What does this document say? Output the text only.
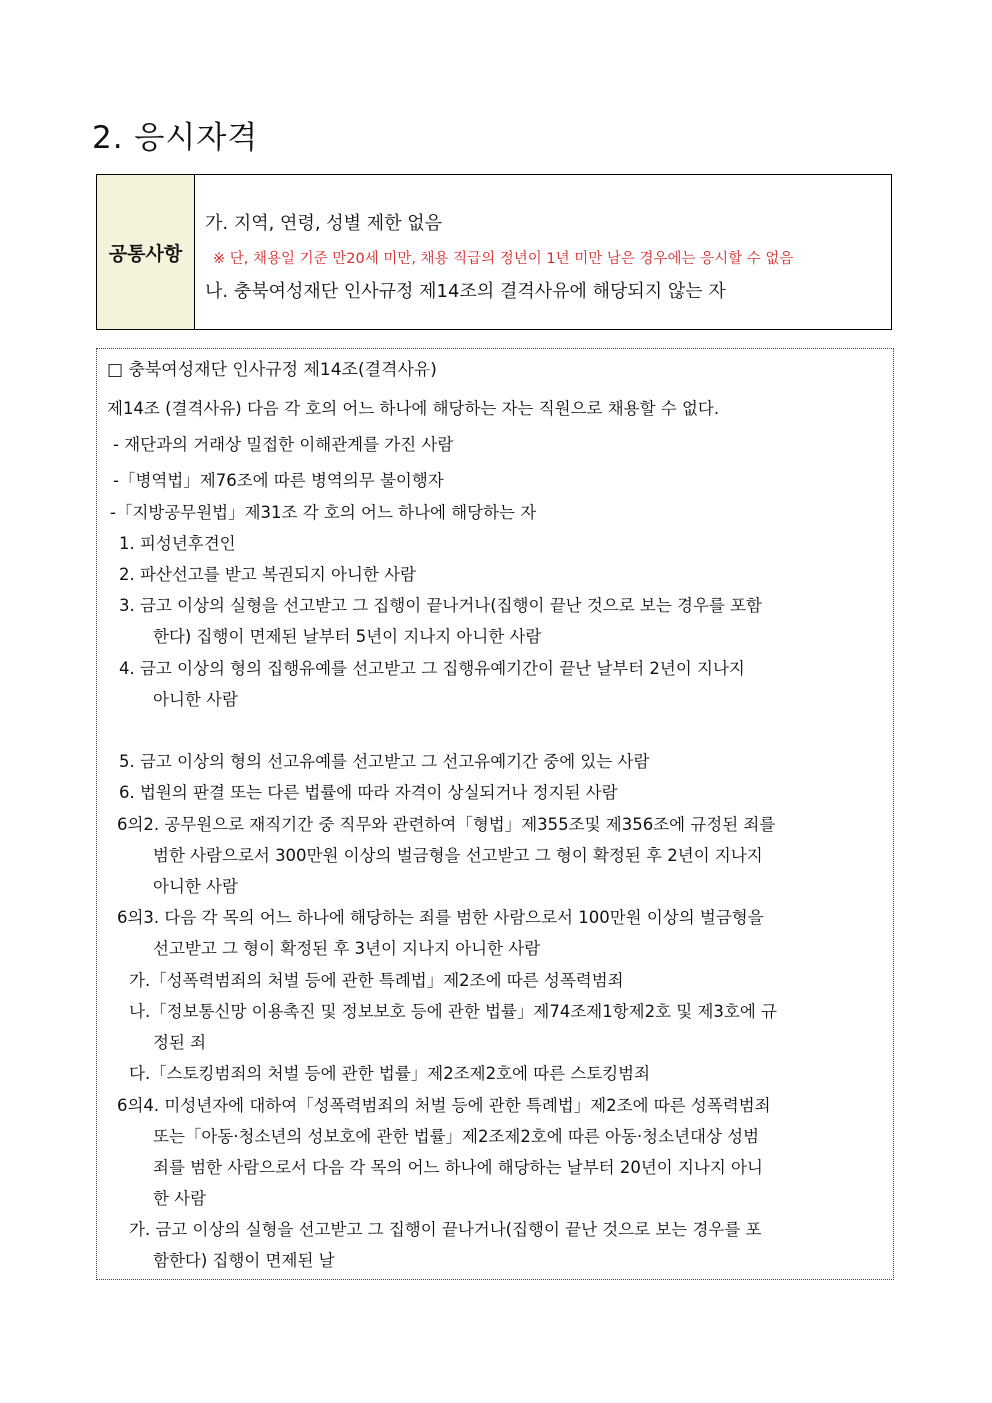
2. 응시자격
공통사항
가. 지역, 연령, 성별 제한 없음
※ 단, 채용일 기준 만20세 미만, 채용 직급의 정년이 1년 미만 남은 경우에는 응시할 수 없음
나. 충북여성재단 인사규정 제14조의 결격사유에 해당되지 않는 자
□ 충북여성재단 인사규정 제14조(결격사유)
제14조 (결격사유) 다음 각 호의 어느 하나에 해당하는 자는 직원으로 채용할 수 없다.
- 재단과의 거래상 밀접한 이해관계를 가진 사람
-「병역법」제76조에 따른 병역의무 불이행자
-「지방공무원법」제31조 각 호의 어느 하나에 해당하는 자
1. 피성년후견인
2. 파산선고를 받고 복권되지 아니한 사람
3. 금고 이상의 실형을 선고받고 그 집행이 끝나거나(집행이 끝난 것으로 보는 경우를 포함
한다) 집행이 면제된 날부터 5년이 지나지 아니한 사람
4. 금고 이상의 형의 집행유예를 선고받고 그 집행유예기간이 끝난 날부터 2년이 지나지
아니한 사람
5. 금고 이상의 형의 선고유예를 선고받고 그 선고유예기간 중에 있는 사람
6. 법원의 판결 또는 다른 법률에 따라 자격이 상실되거나 정지된 사람
6의2. 공무원으로 재직기간 중 직무와 관련하여「형법」제355조및 제356조에 규정된 죄를
범한 사람으로서 300만원 이상의 벌금형을 선고받고 그 형이 확정된 후 2년이 지나지
아니한 사람
6의3. 다음 각 목의 어느 하나에 해당하는 죄를 범한 사람으로서 100만원 이상의 벌금형을
선고받고 그 형이 확정된 후 3년이 지나지 아니한 사람
가.「성폭력범죄의 처벌 등에 관한 특례법」제2조에 따른 성폭력범죄
나.「정보통신망 이용촉진 및 정보보호 등에 관한 법률」제74조제1항제2호 및 제3호에 규
정된 죄
다.「스토킹범죄의 처벌 등에 관한 법률」제2조제2호에 따른 스토킹범죄
6의4. 미성년자에 대하여「성폭력범죄의 처벌 등에 관한 특례법」제2조에 따른 성폭력범죄
또는「아동·청소년의 성보호에 관한 법률」제2조제2호에 따른 아동·청소년대상 성범
죄를 범한 사람으로서 다음 각 목의 어느 하나에 해당하는 날부터 20년이 지나지 아니
한 사람
가. 금고 이상의 실형을 선고받고 그 집행이 끝나거나(집행이 끝난 것으로 보는 경우를 포
함한다) 집행이 면제된 날
